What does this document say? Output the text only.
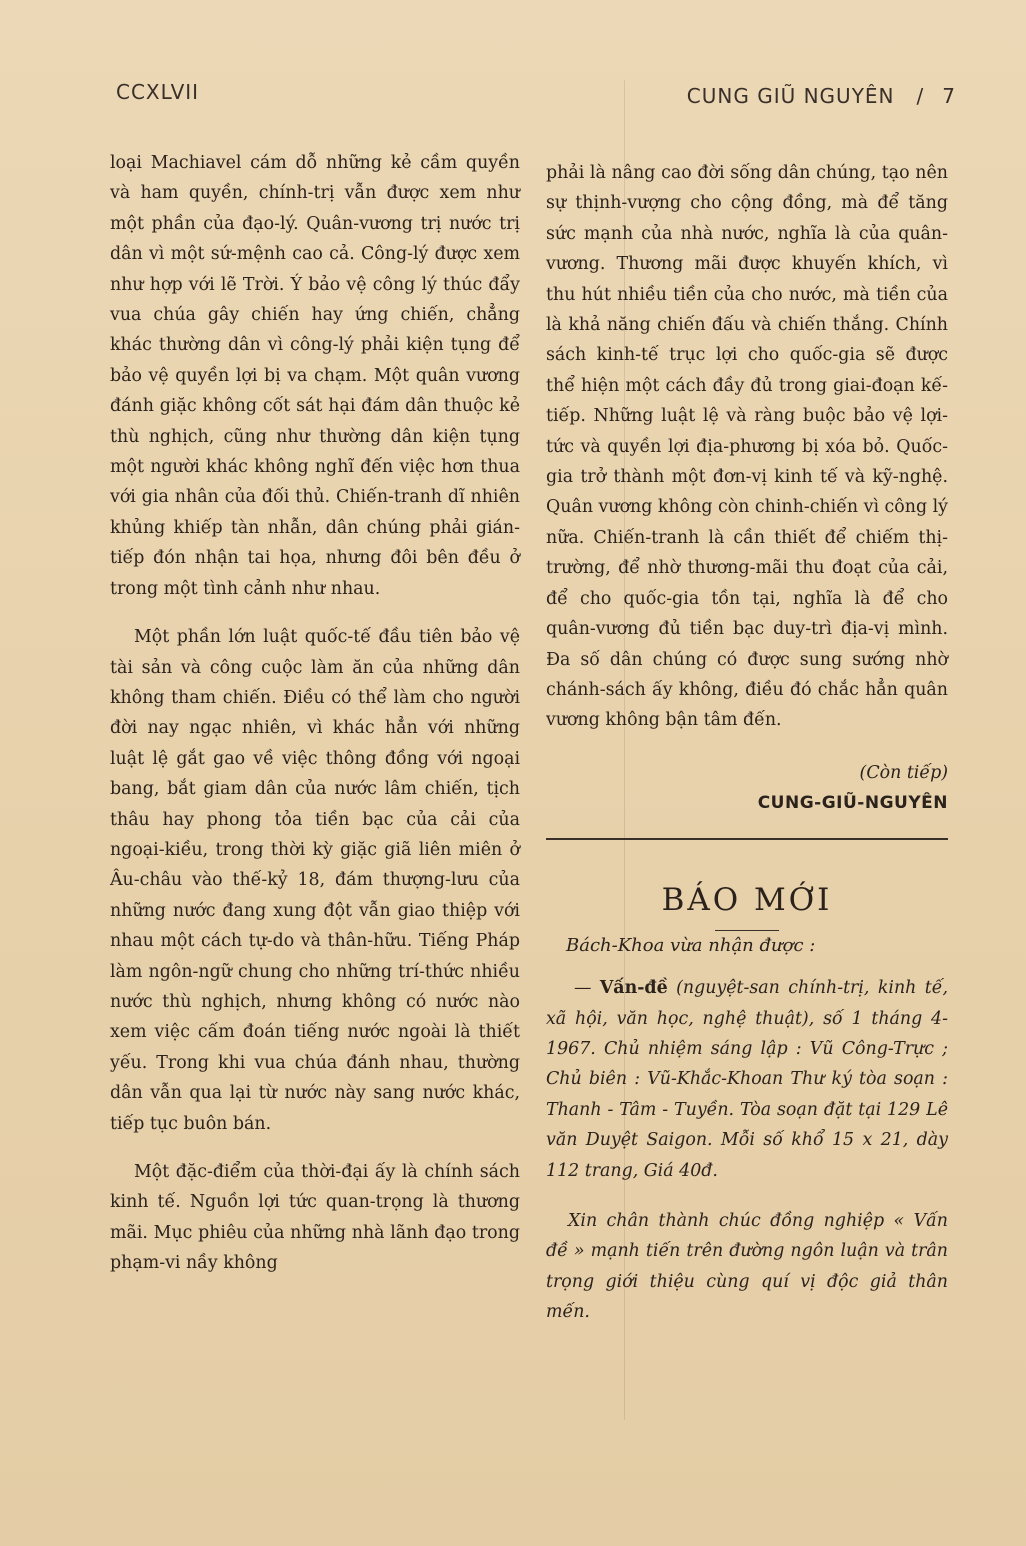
CCXLVII	CUNG GIŨ NGUYÊN / 7

loại Machiavel cám dỗ những kẻ cầm quyền và ham quyền, chính-trị vẫn được xem như một phần của đạo-lý. Quân-vương trị nước trị dân vì một sứ-mệnh cao cả. Công-lý được xem như hợp với lẽ Trời. Ý bảo vệ công lý thúc đẩy vua chúa gây chiến hay ứng chiến, chẳng khác thường dân vì công-lý phải kiện tụng để bảo vệ quyền lợi bị va chạm. Một quân vương đánh giặc không cốt sát hại đám dân thuộc kẻ thù nghịch, cũng như thường dân kiện tụng một người khác không nghĩ đến việc hơn thua với gia nhân của đối thủ. Chiến-tranh dĩ nhiên khủng khiếp tàn nhẫn, dân chúng phải gián-tiếp đón nhận tai họa, nhưng đôi bên đều ở trong một tình cảnh như nhau.

Một phần lớn luật quốc-tế đầu tiên bảo vệ tài sản và công cuộc làm ăn của những dân không tham chiến. Điều có thể làm cho người đời nay ngạc nhiên, vì khác hẳn với những luật lệ gắt gao về việc thông đồng với ngoại bang, bắt giam dân của nước lâm chiến, tịch thâu hay phong tỏa tiền bạc của cải của ngoại-kiều, trong thời kỳ giặc giã liên miên ở Âu-châu vào thế-kỷ 18, đám thượng-lưu của những nước đang xung đột vẫn giao thiệp với nhau một cách tự-do và thân-hữu. Tiếng Pháp làm ngôn-ngữ chung cho những trí-thức nhiều nước thù nghịch, nhưng không có nước nào xem việc cấm đoán tiếng nước ngoài là thiết yếu. Trong khi vua chúa đánh nhau, thường dân vẫn qua lại từ nước này sang nước khác, tiếp tục buôn bán.

Một đặc-điểm của thời-đại ấy là chính sách kinh tế. Nguồn lợi tức quan-trọng là thương mãi. Mục phiêu của những nhà lãnh đạo trong phạm-vi nầy không

phải là nâng cao đời sống dân chúng, tạo nên sự thịnh-vượng cho cộng đồng, mà để tăng sức mạnh của nhà nước, nghĩa là của quân-vương. Thương mãi được khuyến khích, vì thu hút nhiều tiền của cho nước, mà tiền của là khả năng chiến đấu và chiến thắng. Chính sách kinh-tế trục lợi cho quốc-gia sẽ được thể hiện một cách đầy đủ trong giai-đoạn kế-tiếp. Những luật lệ và ràng buộc bảo vệ lợi-tức và quyền lợi địa-phương bị xóa bỏ. Quốc-gia trở thành một đơn-vị kinh tế và kỹ-nghệ. Quân vương không còn chinh-chiến vì công lý nữa. Chiến-tranh là cần thiết để chiếm thị-trường, để nhờ thương-mãi thu đoạt của cải, để cho quốc-gia tồn tại, nghĩa là để cho quân-vương đủ tiền bạc duy-trì địa-vị mình. Đa số dân chúng có được sung sướng nhờ chánh-sách ấy không, điều đó chắc hẳn quân vương không bận tâm đến.

(Còn tiếp)
CUNG-GIŨ-NGUYÊN
BÁO MỚI

Bách-Khoa vừa nhận được :

— Vấn-đề (nguyệt-san chính-trị, kinh tế, xã hội, văn học, nghệ thuật), số 1 tháng 4-1967. Chủ nhiệm sáng lập : Vũ Công-Trực ; Chủ biên : Vũ-Khắc-Khoan Thư ký tòa soạn : Thanh - Tâm - Tuyền. Tòa soạn đặt tại 129 Lê văn Duyệt Saigon. Mỗi số khổ 15 x 21, dày 112 trang, Giá 40đ.

Xin chân thành chúc đồng nghiệp « Vấn đề » mạnh tiến trên đường ngôn luận và trân trọng giới thiệu cùng quí vị độc giả thân mến.
